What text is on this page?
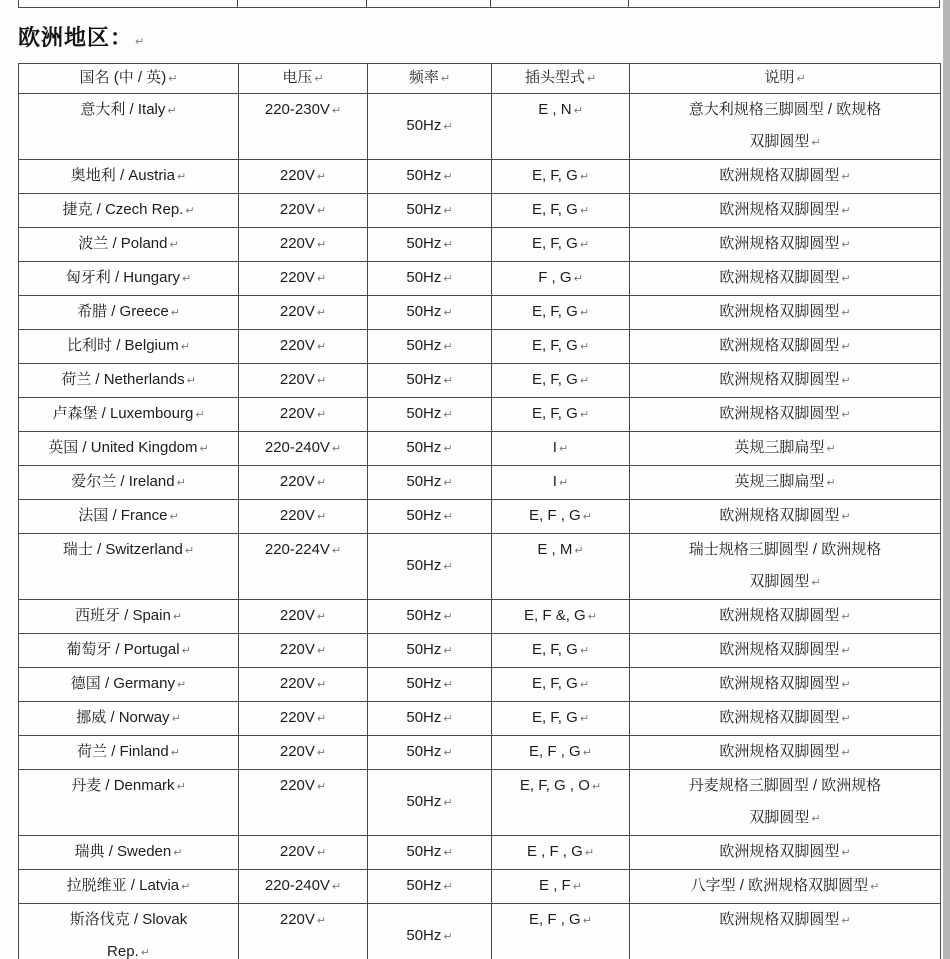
欧洲地区： ↵
国名 (中 / 英) ↵	电压 ↵	频率 ↵	插头型式 ↵	说明 ↵
意大利 / Italy ↵	220-230V ↵	50Hz ↵	E , N ↵	意大利规格三脚圆型 / 欧规格
双脚圆型 ↵
奥地利 / Austria ↵	220V ↵	50Hz ↵	E, F, G ↵	欧洲规格双脚圆型 ↵
捷克 / Czech Rep. ↵	220V ↵	50Hz ↵	E, F, G ↵	欧洲规格双脚圆型 ↵
波兰 / Poland ↵	220V ↵	50Hz ↵	E, F, G ↵	欧洲规格双脚圆型 ↵
匈牙利 / Hungary ↵	220V ↵	50Hz ↵	F , G ↵	欧洲规格双脚圆型 ↵
希腊 / Greece ↵	220V ↵	50Hz ↵	E, F, G ↵	欧洲规格双脚圆型 ↵
比利时 / Belgium ↵	220V ↵	50Hz ↵	E, F, G ↵	欧洲规格双脚圆型 ↵
荷兰 / Netherlands ↵	220V ↵	50Hz ↵	E, F, G ↵	欧洲规格双脚圆型 ↵
卢森堡 / Luxembourg ↵	220V ↵	50Hz ↵	E, F, G ↵	欧洲规格双脚圆型 ↵
英国 / United Kingdom ↵	220-240V ↵	50Hz ↵	I ↵	英规三脚扁型 ↵
爱尔兰 / Ireland ↵	220V ↵	50Hz ↵	I ↵	英规三脚扁型 ↵
法国 / France ↵	220V ↵	50Hz ↵	E, F , G ↵	欧洲规格双脚圆型 ↵
瑞士 / Switzerland ↵	220-224V ↵	50Hz ↵	E , M ↵	瑞士规格三脚圆型 / 欧洲规格
双脚圆型 ↵
西班牙 / Spain ↵	220V ↵	50Hz ↵	E, F &, G ↵	欧洲规格双脚圆型 ↵
葡萄牙 / Portugal ↵	220V ↵	50Hz ↵	E, F, G ↵	欧洲规格双脚圆型 ↵
德国 / Germany ↵	220V ↵	50Hz ↵	E, F, G ↵	欧洲规格双脚圆型 ↵
挪威 / Norway ↵	220V ↵	50Hz ↵	E, F, G ↵	欧洲规格双脚圆型 ↵
荷兰 / Finland ↵	220V ↵	50Hz ↵	E, F , G ↵	欧洲规格双脚圆型 ↵
丹麦 / Denmark ↵	220V ↵	50Hz ↵	E, F, G , O ↵	丹麦规格三脚圆型 / 欧洲规格
双脚圆型 ↵
瑞典 / Sweden ↵	220V ↵	50Hz ↵	E , F , G ↵	欧洲规格双脚圆型 ↵
拉脱维亚 / Latvia ↵	220-240V ↵	50Hz ↵	E , F ↵	八字型 / 欧洲规格双脚圆型 ↵
斯洛伐克 / Slovak
Rep. ↵	220V ↵	50Hz ↵	E, F , G ↵	欧洲规格双脚圆型 ↵
